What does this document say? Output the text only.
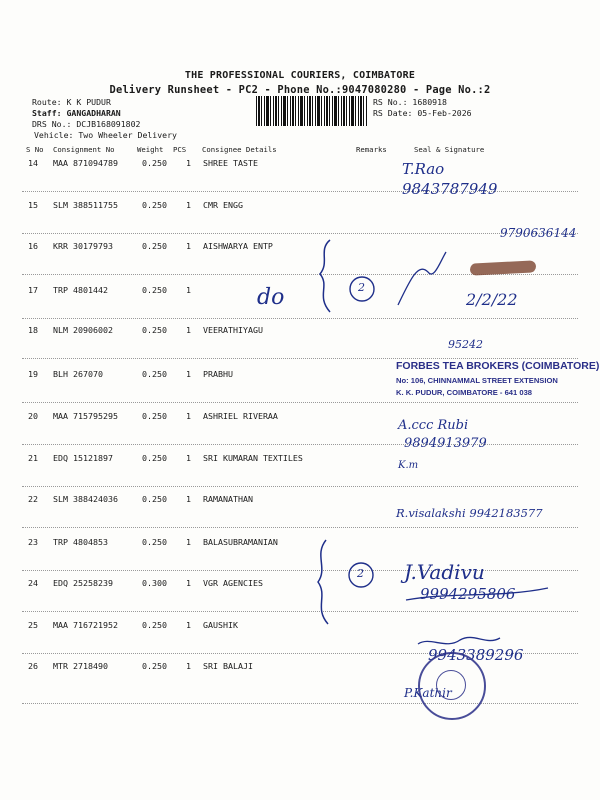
THE PROFESSIONAL COURIERS, COIMBATORE
Delivery Runsheet - PC2 - Phone No.:9047080280 - Page No.:2
Route: K K PUDUR
Staff: GANGADHARAN
DRS No.: DCJB168091802
Vehicle: Two Wheeler Delivery
RS No.: 1680918
RS Date: 05-Feb-2026
S No Consignment No	Weight PCS Consignee Details	Remarks	Seal & Signature
14 MAA 871094789	0.250 1 SHREE TASTE
15 SLM 388511755	0.250 1 CMR ENGG
16 KRR 30179793	0.250 1 AISHWARYA ENTP
17 TRP 4801442	0.250 1
18 NLM 20906002	0.250 1 VEERATHIYAGU
19 BLH 267070	0.250 1 PRABHU
20 MAA 715795295	0.250 1 ASHRIEL RIVERAA
21 EDQ 15121897	0.250 1 SRI KUMARAN TEXTILES
22 SLM 388424036	0.250 1 RAMANATHAN
23 TRP 4804853	0.250 1 BALASUBRAMANIAN
24 EDQ 25258239	0.300 1 VGR AGENCIES
25 MAA 716721952	0.250 1 GAUSHIK
26 MTR 2718490	0.250 1 SRI BALAJI
do	2
2
T.Rao
9843787949
9790636144
2/2/22
95242
A.ccc Rubi
9894913979
K.m
R.visalakshi 9942183577
J.Vadivu
9994295806
9943389296
P.Kathir
FORBES TEA BROKERS (COIMBATORE)
No: 106, CHINNAMMAL STREET EXTENSION
K. K. PUDUR, COIMBATORE - 641 038
